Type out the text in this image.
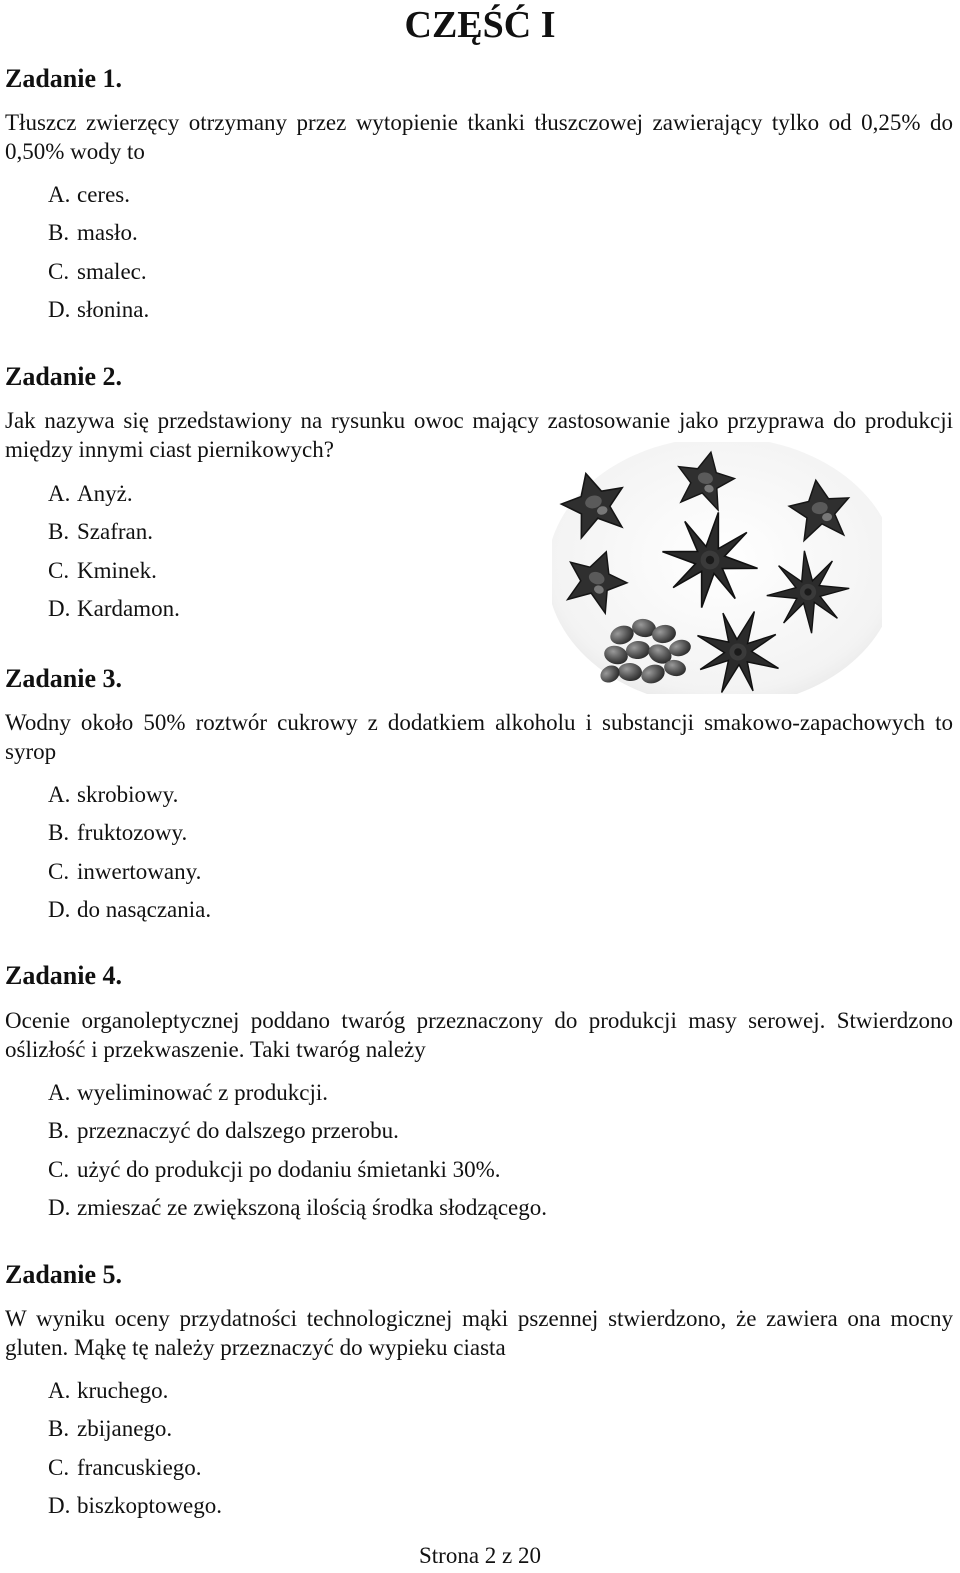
CZĘŚĆ I
Zadanie 1.

Tłuszcz zwierzęcy otrzymany przez wytopienie tkanki tłuszczowej zawierający tylko od 0,25% do 0,50% wody to

A. ceres.
B. masło.
C. smalec.
D. słonina.
Zadanie 2.

Jak nazywa się przedstawiony na rysunku owoc mający zastosowanie jako przyprawa do produkcji między innymi ciast piernikowych?

A. Anyż.
B. Szafran.
C. Kminek.
D. Kardamon.
Zadanie 3.

Wodny około 50% roztwór cukrowy z dodatkiem alkoholu i substancji smakowo-zapachowych to syrop

A. skrobiowy.
B. fruktozowy.
C. inwertowany.
D. do nasączania.
Zadanie 4.

Ocenie organoleptycznej poddano twaróg przeznaczony do produkcji masy serowej. Stwierdzono oślizłość i przekwaszenie. Taki twaróg należy

A. wyeliminować z produkcji.
B. przeznaczyć do dalszego przerobu.
C. użyć do produkcji po dodaniu śmietanki 30%.
D. zmieszać ze zwiększoną ilością środka słodzącego.
Zadanie 5.

W wyniku oceny przydatności technologicznej mąki pszennej stwierdzono, że zawiera ona mocny gluten. Mąkę tę należy przeznaczyć do wypieku ciasta

A. kruchego.
B. zbijanego.
C. francuskiego.
D. biszkoptowego.
Strona 2 z 20
